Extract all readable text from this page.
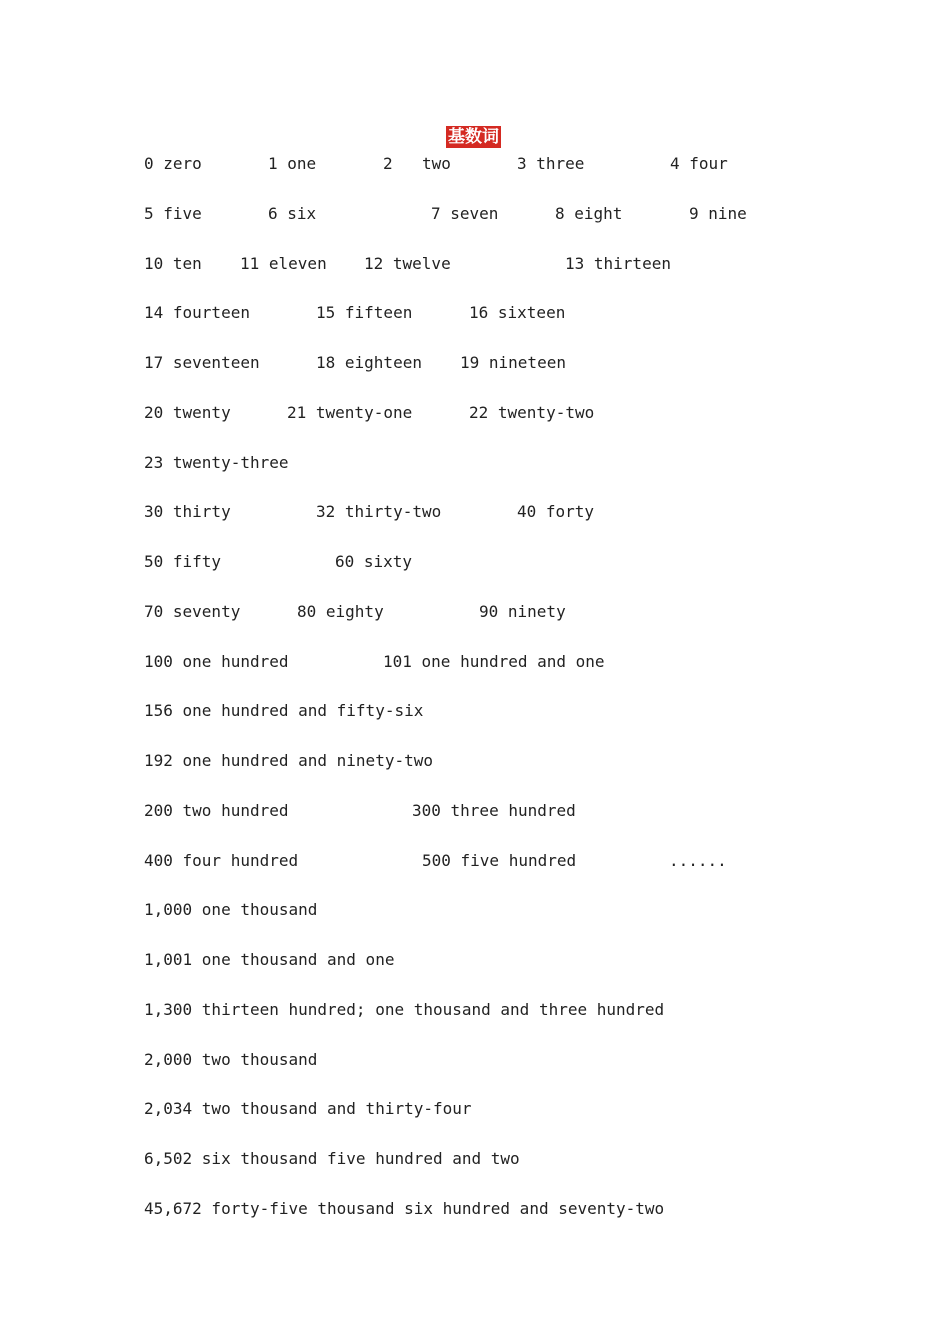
基数词
0 zero	1 one	2 two	3 three	4 four
5 five	6 six	7 seven	8 eight	9 nine
10 ten 11 eleven 12 twelve	13 thirteen
14 fourteen	15 fifteen	16 sixteen
17 seventeen	18 eighteen 19 nineteen
20 twenty	21 twenty-one	22 twenty-two
23 twenty-three
30 thirty	32 thirty-two	40 forty
50 fifty	60 sixty
70 seventy	80 eighty	90 ninety
100 one hundred	101 one hundred and one
156 one hundred and fifty-six
192 one hundred and ninety-two
200 two hundred	300 three hundred
400 four hundred	500 five hundred	......
1,000 one thousand
1,001 one thousand and one
1,300 thirteen hundred; one thousand and three hundred
2,000 two thousand
2,034 two thousand and thirty-four
6,502 six thousand five hundred and two
45,672 forty-five thousand six hundred and seventy-two
